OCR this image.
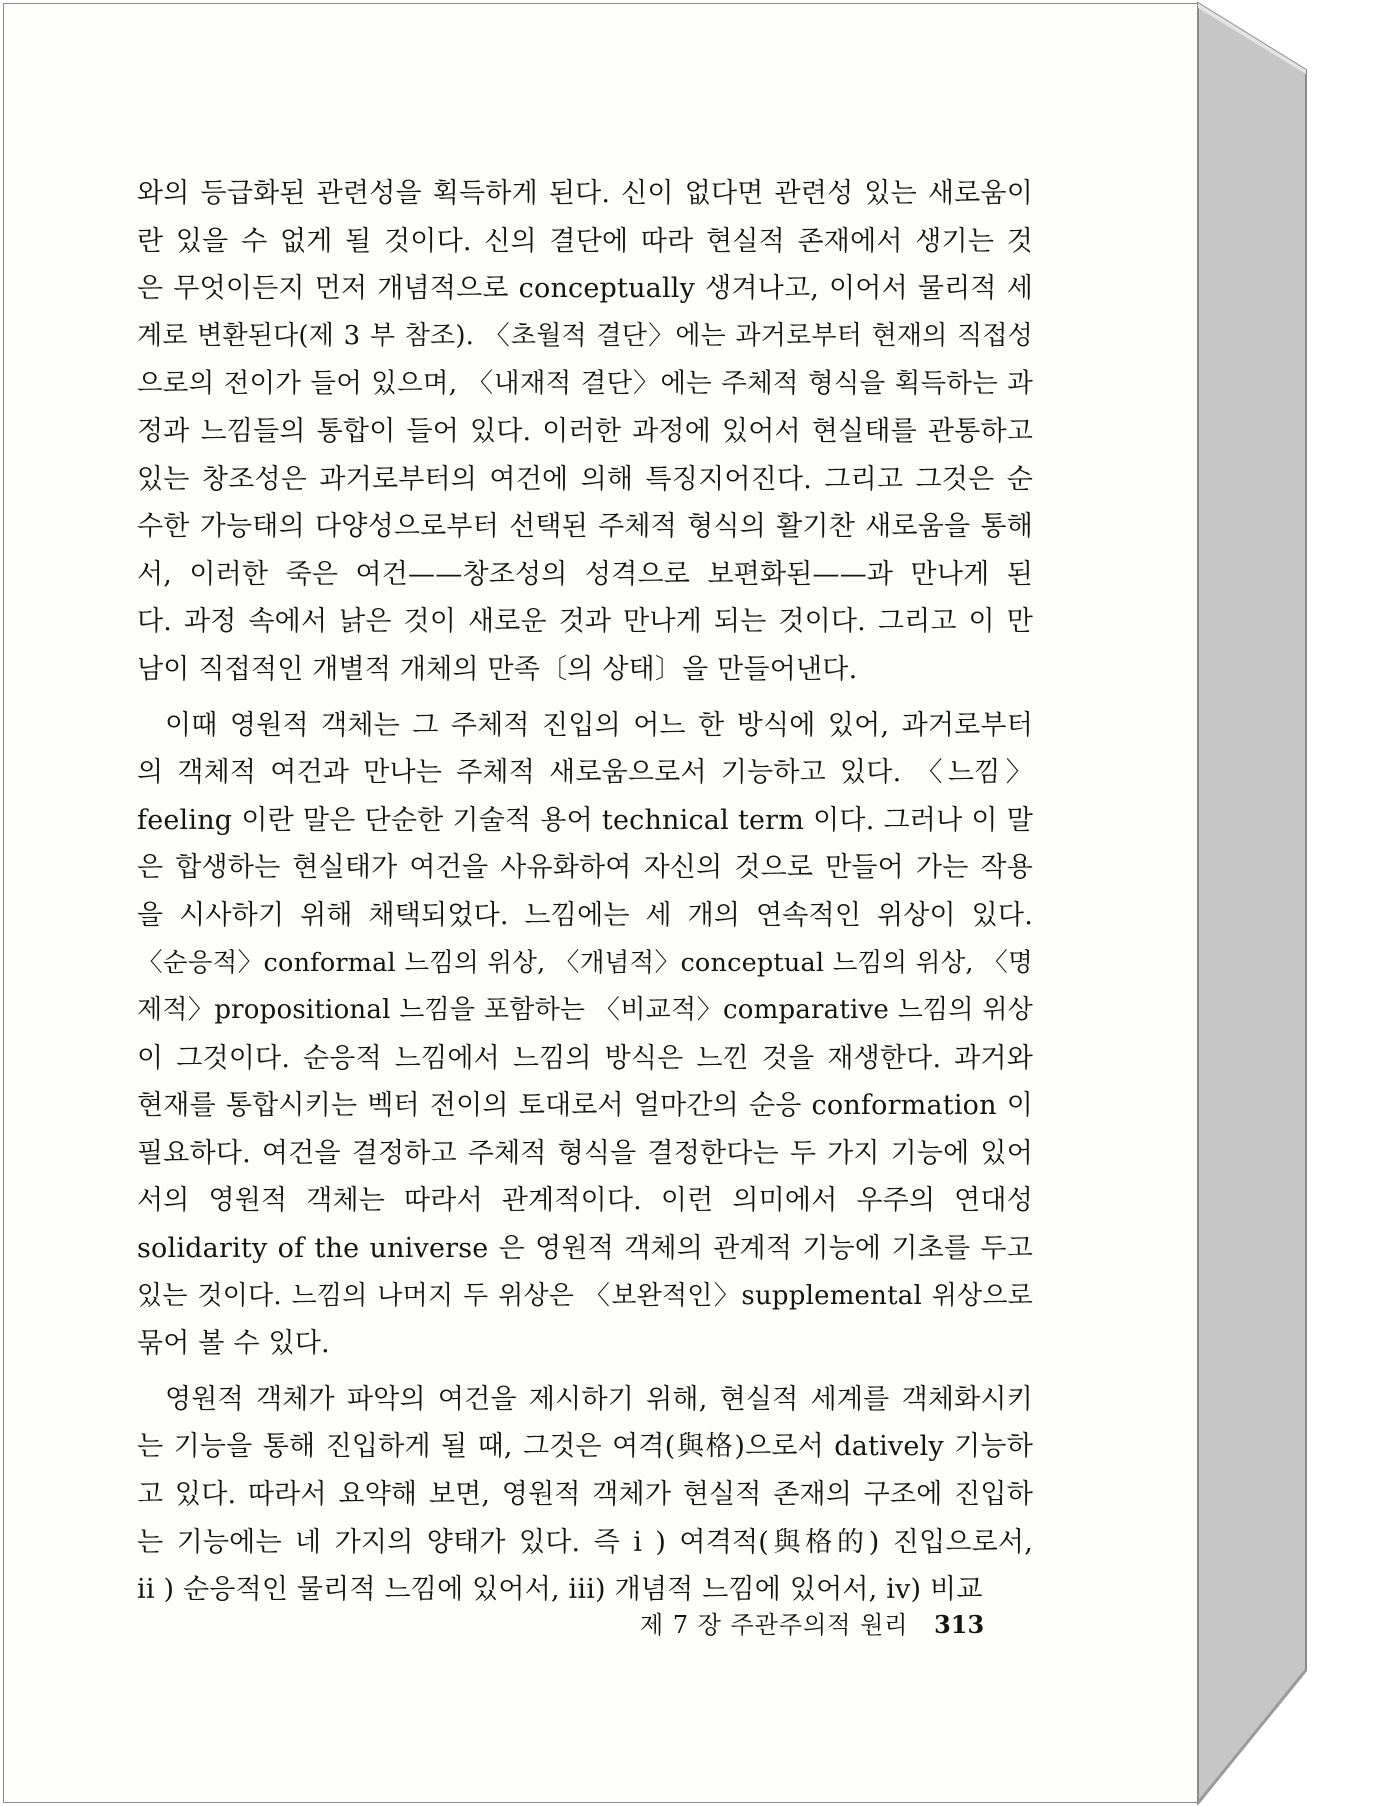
와의 등급화된 관련성을 획득하게 된다. 신이 없다면 관련성 있는 새로움이
란 있을 수 없게 될 것이다. 신의 결단에 따라 현실적 존재에서 생기는 것
은 무엇이든지 먼저 개념적으로 conceptually 생겨나고, 이어서 물리적 세
계로 변환된다(제 3 부 참조). 〈초월적 결단〉에는 과거로부터 현재의 직접성
으로의 전이가 들어 있으며, 〈내재적 결단〉에는 주체적 형식을 획득하는 과
정과 느낌들의 통합이 들어 있다. 이러한 과정에 있어서 현실태를 관통하고
있는 창조성은 과거로부터의 여건에 의해 특징지어진다. 그리고 그것은 순
수한 가능태의 다양성으로부터 선택된 주체적 형식의 활기찬 새로움을 통해
서, 이러한 죽은 여건——창조성의 성격으로 보편화된——과 만나게 된
다. 과정 속에서 낡은 것이 새로운 것과 만나게 되는 것이다. 그리고 이 만
남이 직접적인 개별적 개체의 만족〔의 상태〕을 만들어낸다.
이때 영원적 객체는 그 주체적 진입의 어느 한 방식에 있어, 과거로부터
의 객체적 여건과 만나는 주체적 새로움으로서 기능하고 있다. 〈느낌〉
feeling 이란 말은 단순한 기술적 용어 technical term 이다. 그러나 이 말
은 합생하는 현실태가 여건을 사유화하여 자신의 것으로 만들어 가는 작용
을 시사하기 위해 채택되었다. 느낌에는 세 개의 연속적인 위상이 있다.
〈순응적〉conformal 느낌의 위상, 〈개념적〉conceptual 느낌의 위상, 〈명
제적〉propositional 느낌을 포함하는 〈비교적〉comparative 느낌의 위상
이 그것이다. 순응적 느낌에서 느낌의 방식은 느낀 것을 재생한다. 과거와
현재를 통합시키는 벡터 전이의 토대로서 얼마간의 순응 conformation 이
필요하다. 여건을 결정하고 주체적 형식을 결정한다는 두 가지 기능에 있어
서의 영원적 객체는 따라서 관계적이다. 이런 의미에서 우주의 연대성
solidarity of the universe 은 영원적 객체의 관계적 기능에 기초를 두고
있는 것이다. 느낌의 나머지 두 위상은 〈보완적인〉supplemental 위상으로
묶어 볼 수 있다.
영원적 객체가 파악의 여건을 제시하기 위해, 현실적 세계를 객체화시키
는 기능을 통해 진입하게 될 때, 그것은 여격(與格)으로서 datively 기능하
고 있다. 따라서 요약해 보면, 영원적 객체가 현실적 존재의 구조에 진입하
는 기능에는 네 가지의 양태가 있다. 즉 i ) 여격적(與格的) 진입으로서,
ii ) 순응적인 물리적 느낌에 있어서, iii) 개념적 느낌에 있어서, iv) 비교
제 7 장 주관주의적 원리 313
